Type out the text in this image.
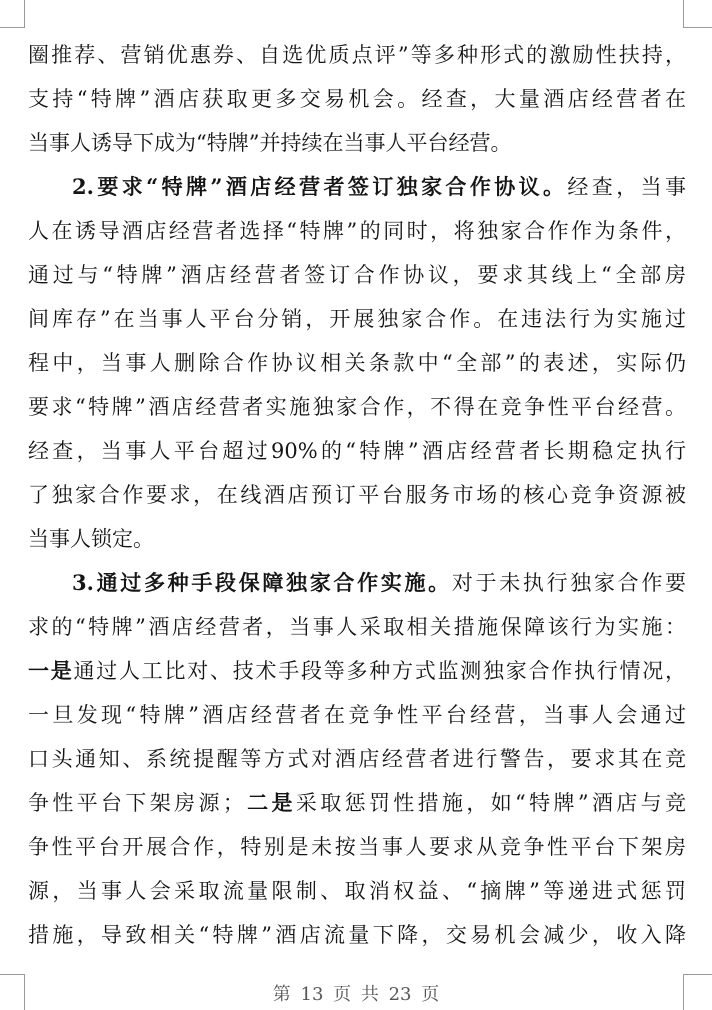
圈推荐、营销优惠券、自选优质点评”等多种形式的激励性扶持，
支持“特牌”酒店获取更多交易机会。经查，大量酒店经营者在
当事人诱导下成为“特牌”并持续在当事人平台经营。
2.要求“特牌”酒店经营者签订独家合作协议。经查，当事
人在诱导酒店经营者选择“特牌”的同时，将独家合作作为条件，
通过与“特牌”酒店经营者签订合作协议，要求其线上“全部房
间库存”在当事人平台分销，开展独家合作。在违法行为实施过
程中，当事人删除合作协议相关条款中“全部”的表述，实际仍
要求“特牌”酒店经营者实施独家合作，不得在竞争性平台经营。
经查，当事人平台超过90%的“特牌”酒店经营者长期稳定执行
了独家合作要求，在线酒店预订平台服务市场的核心竞争资源被
当事人锁定。
3.通过多种手段保障独家合作实施。对于未执行独家合作要
求的“特牌”酒店经营者，当事人采取相关措施保障该行为实施：
一是通过人工比对、技术手段等多种方式监测独家合作执行情况，
一旦发现“特牌”酒店经营者在竞争性平台经营，当事人会通过
口头通知、系统提醒等方式对酒店经营者进行警告，要求其在竞
争性平台下架房源；二是采取惩罚性措施，如“特牌”酒店与竞
争性平台开展合作，特别是未按当事人要求从竞争性平台下架房
源，当事人会采取流量限制、取消权益、“摘牌”等递进式惩罚
措施，导致相关“特牌”酒店流量下降，交易机会减少，收入降
第 13 页 共 23 页
